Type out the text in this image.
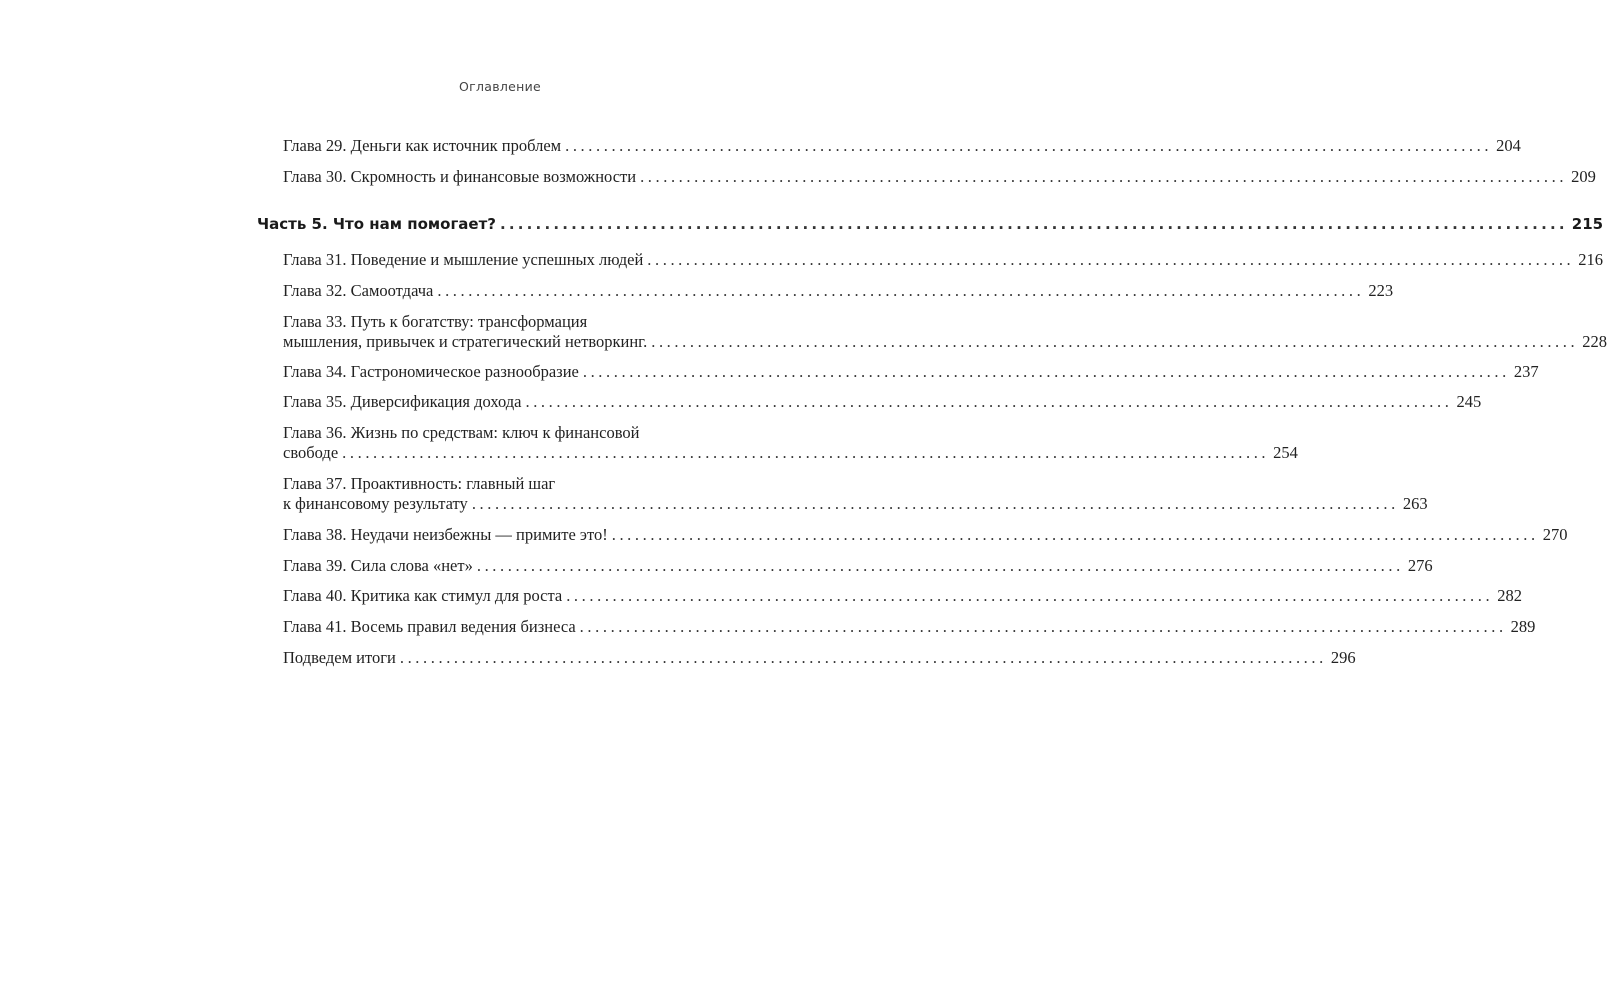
Оглавление
Глава 29. Деньги как источник проблем ........................................................................................................................ 204
Глава 30. Скромность и финансовые возможности ........................................................................................................................ 209
Часть 5. Что нам помогает? ........................................................................................................................ 215
Глава 31. Поведение и мышление успешных людей ........................................................................................................................ 216
Глава 32. Самоотдача ........................................................................................................................ 223
Глава 33. Путь к богатству: трансформация
мышления, привычек и стратегический нетворкинг. ........................................................................................................................ 228
Глава 34. Гастрономическое разнообразие ........................................................................................................................ 237
Глава 35. Диверсификация дохода ........................................................................................................................ 245
Глава 36. Жизнь по средствам: ключ к финансовой
свободе ........................................................................................................................ 254
Глава 37. Проактивность: главный шаг
к финансовому результату ........................................................................................................................ 263
Глава 38. Неудачи неизбежны — примите это! ........................................................................................................................ 270
Глава 39. Сила слова «нет» ........................................................................................................................ 276
Глава 40. Критика как стимул для роста ........................................................................................................................ 282
Глава 41. Восемь правил ведения бизнеса ........................................................................................................................ 289
Подведем итоги ........................................................................................................................ 296
